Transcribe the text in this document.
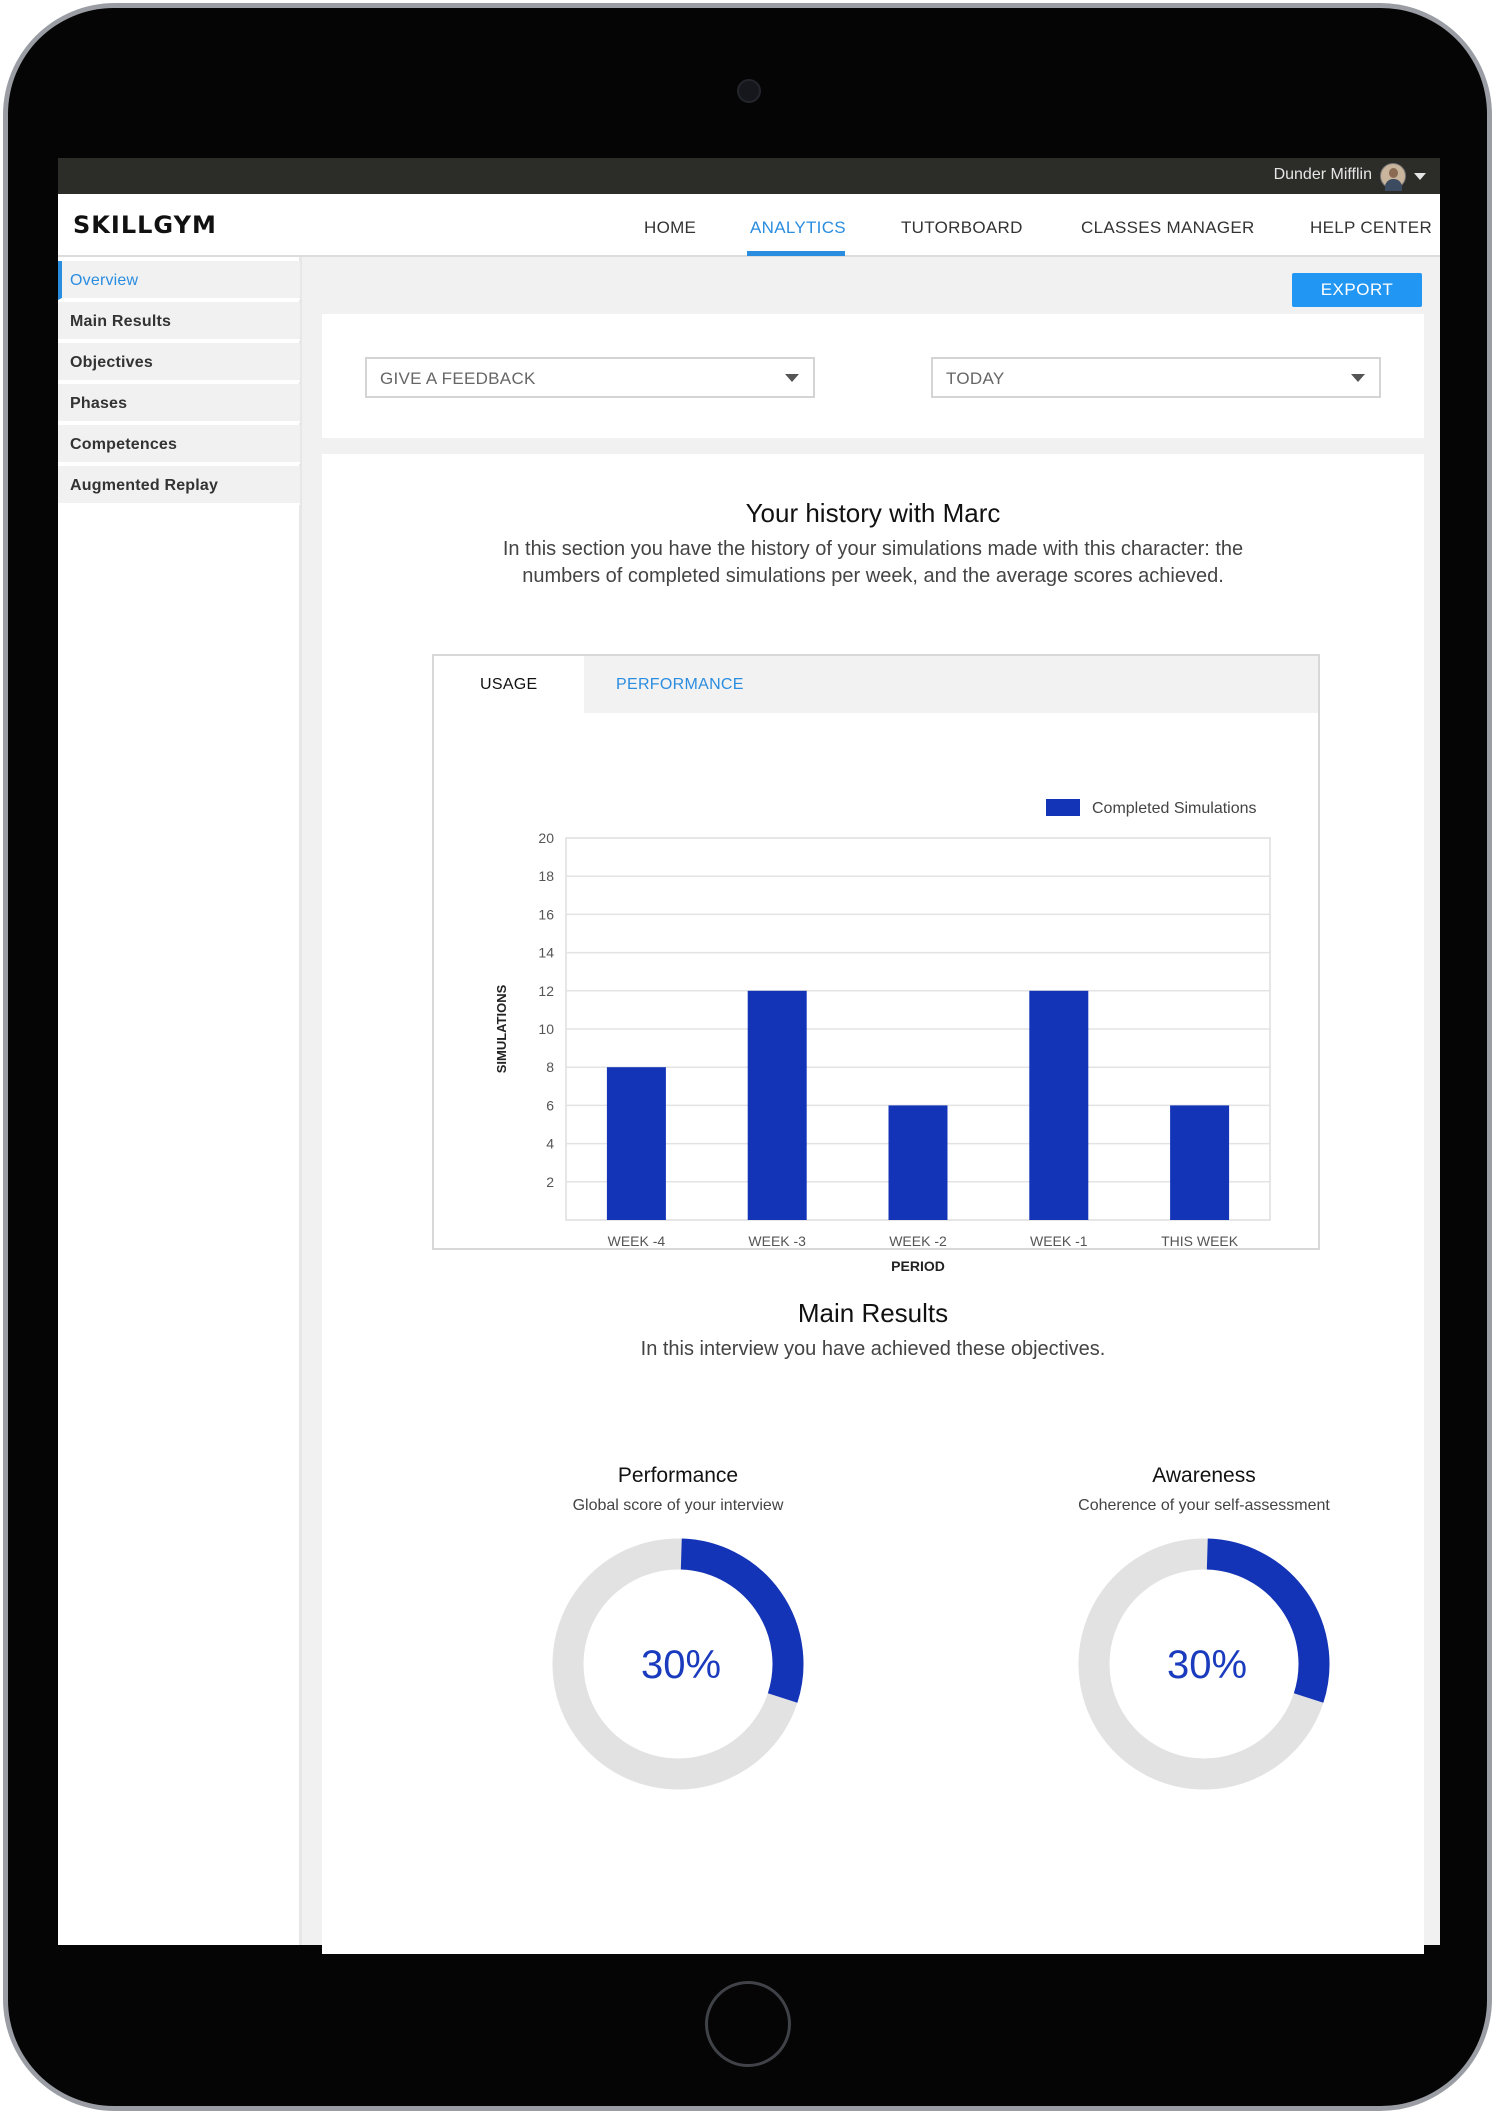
Dunder Mifflin
SKILLGYM	HOME	ANALYTICS	TUTORBOARD	CLASSES MANAGER	HELP CENTER
Overview
Main Results
Objectives
Phases
Competences
Augmented Replay
EXPORT
GIVE A FEEDBACK	TODAY
Your history with Marc
In this section you have the history of your simulations made with this character: the numbers of completed simulations per week, and the average scores achieved.
USAGE	PERFORMANCE
2
4
6
8
10
12
14
16
18
20
WEEK -4	WEEK -3	WEEK -2	WEEK -1	THIS WEEK
PERIOD
SIMULATIONS
Completed Simulations
Main Results
In this interview you have achieved these objectives.
Performance
Global score of your interview
30%
Awareness
Coherence of your self-assessment
30%
